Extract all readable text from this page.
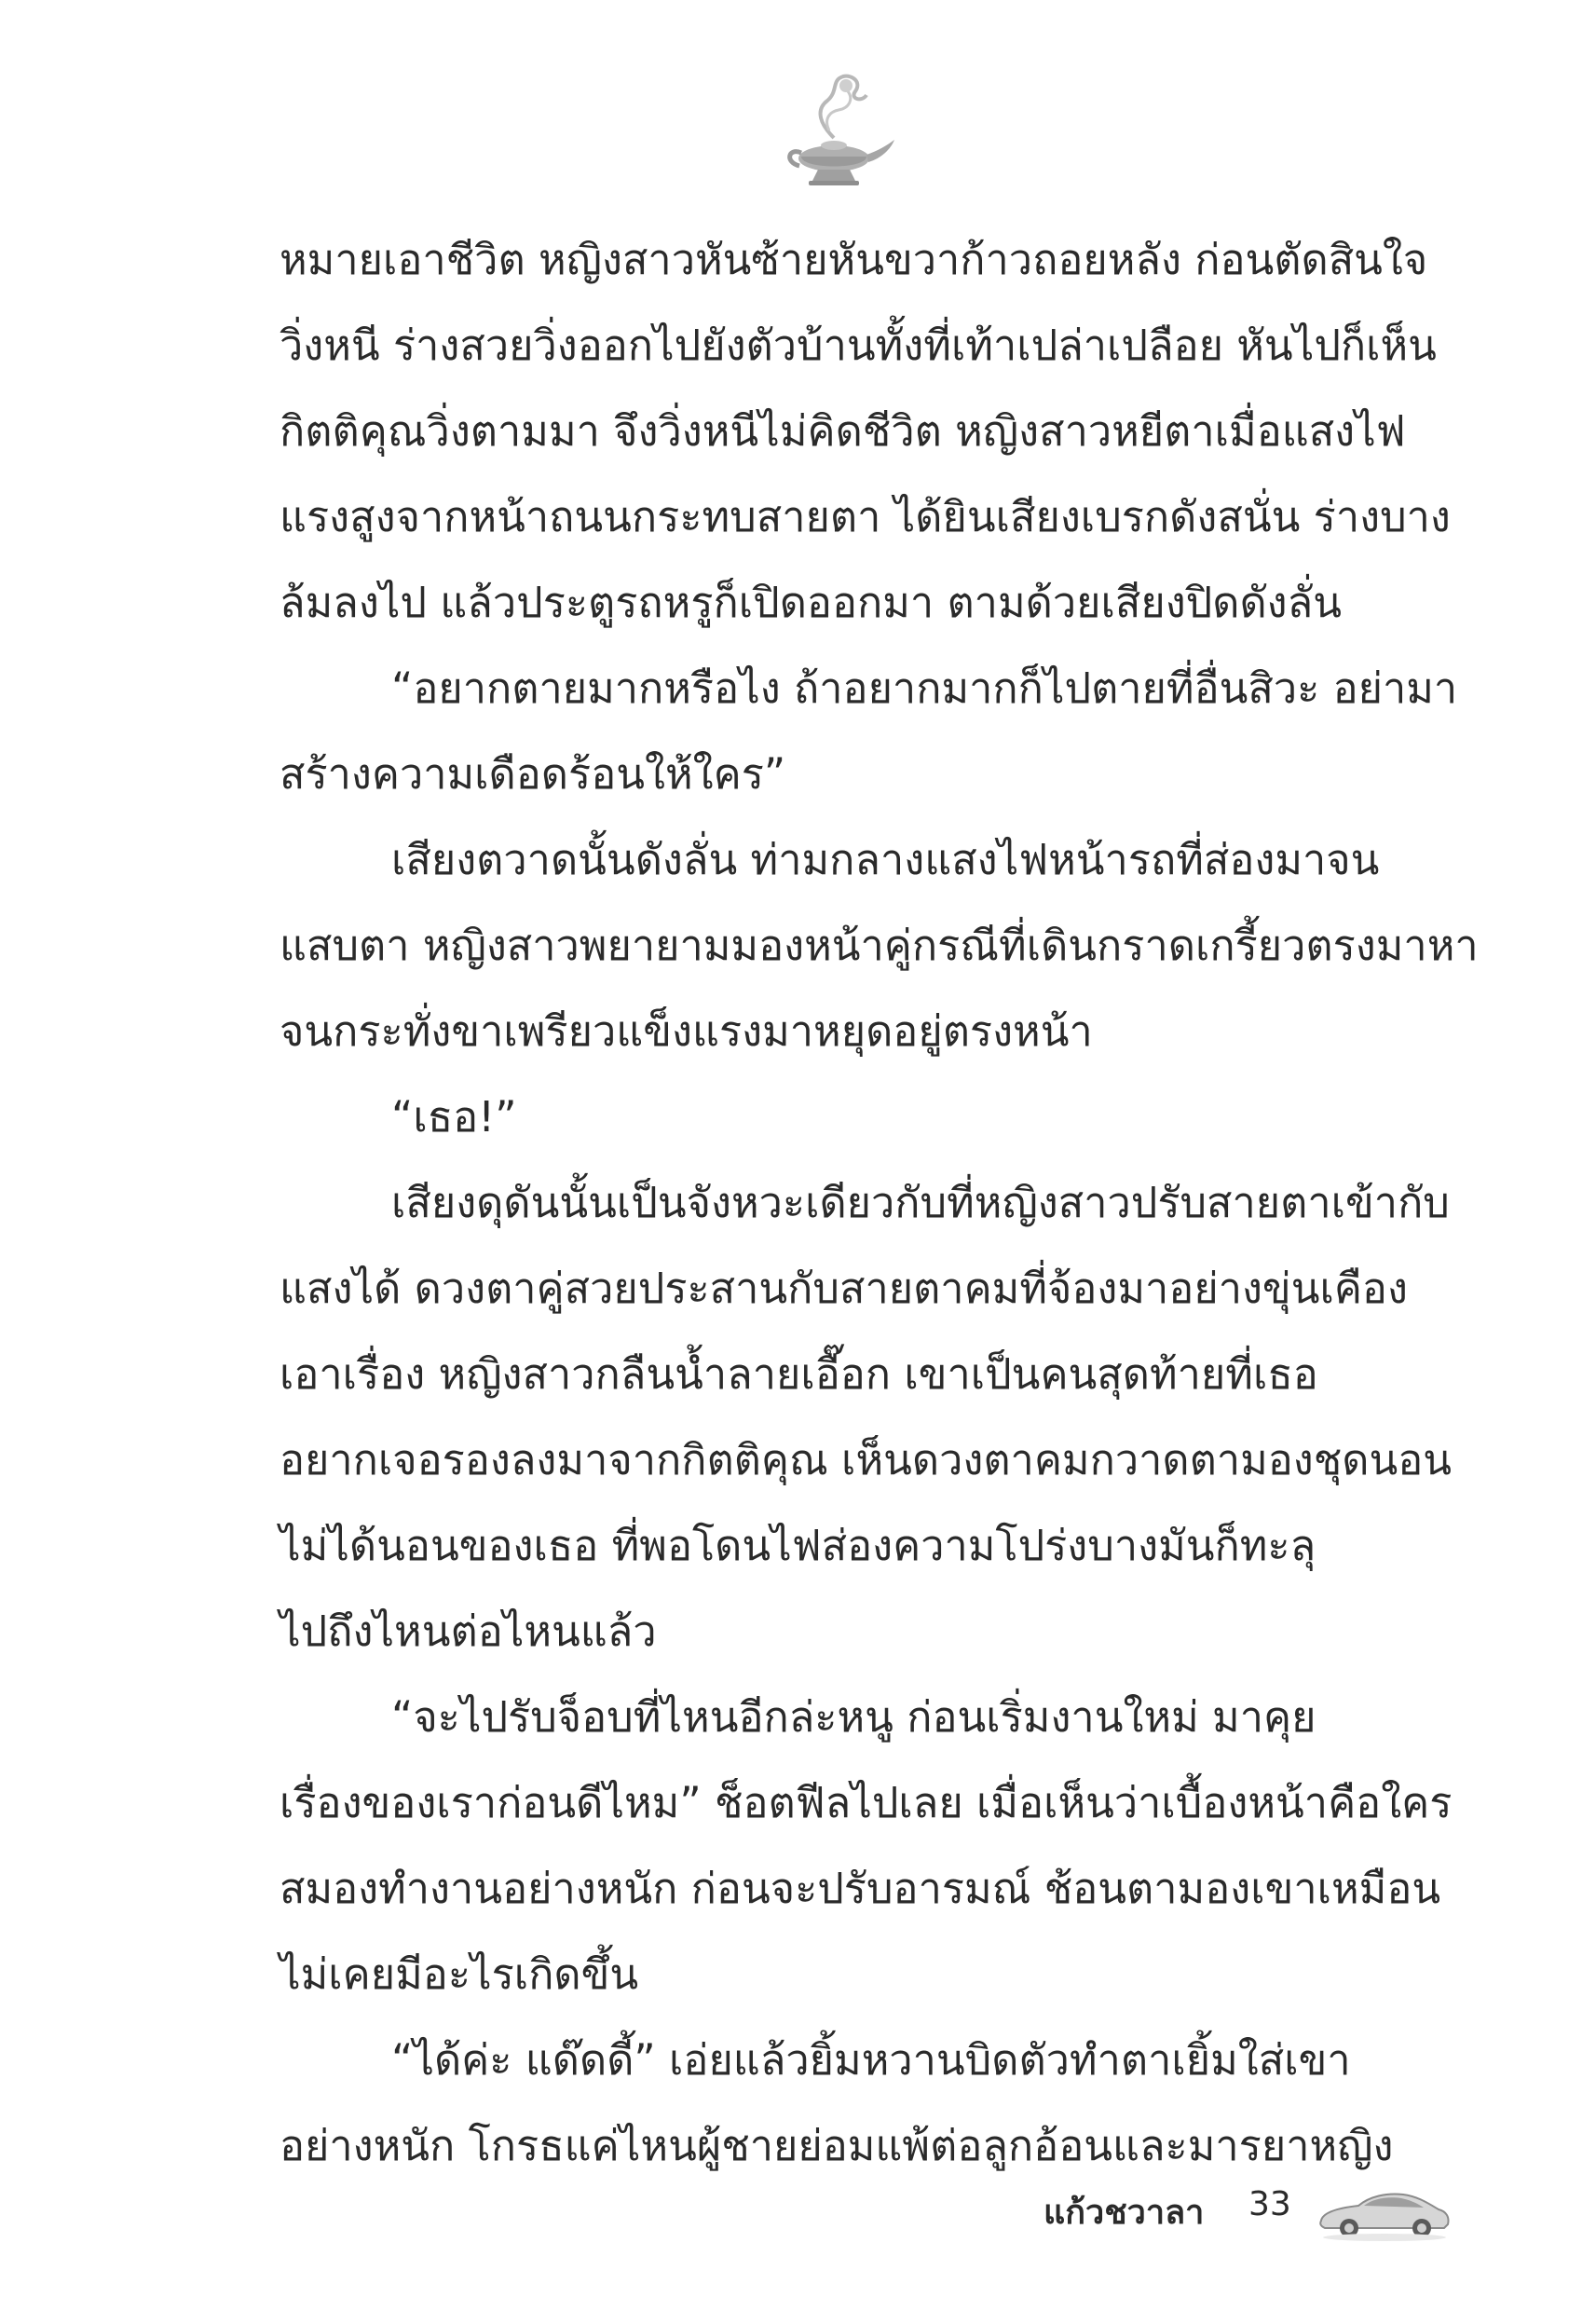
หมายเอาชีวิต หญิงสาวหันซ้ายหันขวาก้าวถอยหลัง ก่อนตัดสินใจ
วิ่งหนี ร่างสวยวิ่งออกไปยังตัวบ้านทั้งที่เท้าเปล่าเปลือย หันไปก็เห็น
กิตติคุณวิ่งตามมา จึงวิ่งหนีไม่คิดชีวิต หญิงสาวหยีตาเมื่อแสงไฟ
แรงสูงจากหน้าถนนกระทบสายตา ได้ยินเสียงเบรกดังสนั่น ร่างบาง
ล้มลงไป แล้วประตูรถหรูก็เปิดออกมา ตามด้วยเสียงปิดดังลั่น
“อยากตายมากหรือไง ถ้าอยากมากก็ไปตายที่อื่นสิวะ อย่ามา
สร้างความเดือดร้อนให้ใคร”
เสียงตวาดนั้นดังลั่น ท่ามกลางแสงไฟหน้ารถที่ส่องมาจน
แสบตา หญิงสาวพยายามมองหน้าคู่กรณีที่เดินกราดเกรี้ยวตรงมาหา
จนกระทั่งขาเพรียวแข็งแรงมาหยุดอยู่ตรงหน้า
“เธอ!”
เสียงดุดันนั้นเป็นจังหวะเดียวกับที่หญิงสาวปรับสายตาเข้ากับ
แสงได้ ดวงตาคู่สวยประสานกับสายตาคมที่จ้องมาอย่างขุ่นเคือง
เอาเรื่อง หญิงสาวกลืนน้ำลายเอื๊อก เขาเป็นคนสุดท้ายที่เธอ
อยากเจอรองลงมาจากกิตติคุณ เห็นดวงตาคมกวาดตามองชุดนอน
ไม่ได้นอนของเธอ ที่พอโดนไฟส่องความโปร่งบางมันก็ทะลุ
ไปถึงไหนต่อไหนแล้ว
“จะไปรับจ็อบที่ไหนอีกล่ะหนู ก่อนเริ่มงานใหม่ มาคุย
เรื่องของเราก่อนดีไหม” ช็อตฟีลไปเลย เมื่อเห็นว่าเบื้องหน้าคือใคร
สมองทำงานอย่างหนัก ก่อนจะปรับอารมณ์ ช้อนตามองเขาเหมือน
ไม่เคยมีอะไรเกิดขึ้น
“ได้ค่ะ แด๊ดดี้” เอ่ยแล้วยิ้มหวานบิดตัวทำตาเยิ้มใส่เขา
อย่างหนัก โกรธแค่ไหนผู้ชายย่อมแพ้ต่อลูกอ้อนและมารยาหญิง
แก้วชวาลา 33
